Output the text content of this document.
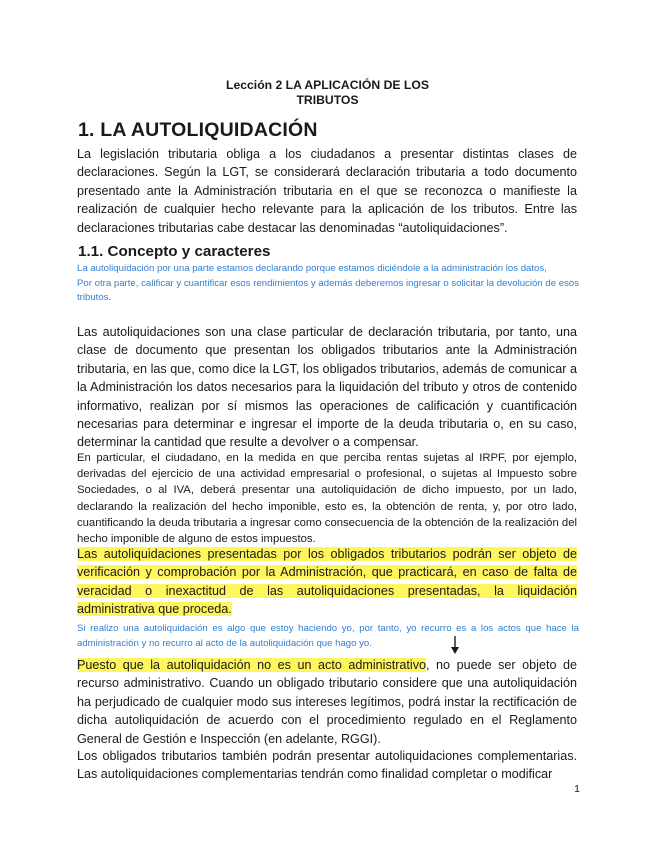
Lección 2 LA APLICACIÓN DE LOS
TRIBUTOS
1. LA AUTOLIQUIDACIÓN

La legislación tributaria obliga a los ciudadanos a presentar distintas clases de declaraciones. Según la LGT, se considerará declaración tributaria a todo documento presentado ante la Administración tributaria en el que se reconozca o manifieste la realización de cualquier hecho relevante para la aplicación de los tributos. Entre las declaraciones tributarias cabe destacar las denominadas “autoliquidaciones”.

1.1. Concepto y caracteres
La autoliquidación por una parte estamos declarando porque estamos diciéndole a la administración los datos,
Por otra parte, calificar y cuantificar esos rendimientos y además deberemos ingresar o solicitar la devolución de esos tributos.

Las autoliquidaciones son una clase particular de declaración tributaria, por tanto, una clase de documento que presentan los obligados tributarios ante la Administración tributaria, en las que, como dice la LGT, los obligados tributarios, además de comunicar a la Administración los datos necesarios para la liquidación del tributo y otros de contenido informativo, realizan por sí mismos las operaciones de calificación y cuantificación necesarias para determinar e ingresar el importe de la deuda tributaria o, en su caso, determinar la cantidad que resulte a devolver o a compensar.

En particular, el ciudadano, en la medida en que perciba rentas sujetas al IRPF, por ejemplo, derivadas del ejercicio de una actividad empresarial o profesional, o sujetas al Impuesto sobre Sociedades, o al IVA, deberá presentar una autoliquidación de dicho impuesto, por un lado, declarando la realización del hecho imponible, esto es, la obtención de renta, y, por otro lado, cuantificando la deuda tributaria a ingresar como consecuencia de la obtención de la realización del hecho imponible de alguno de estos impuestos.

Las autoliquidaciones presentadas por los obligados tributarios podrán ser objeto de verificación y comprobación por la Administración, que practicará, en caso de falta de veracidad o inexactitud de las autoliquidaciones presentadas, la liquidación administrativa que proceda.

Si realizo una autoliquidación es algo que estoy haciendo yo, por tanto, yo recurro es a los actos que hace la administración y no recurro al acto de la autoliquidación que hago yo.

Puesto que la autoliquidación no es un acto administrativo, no puede ser objeto de recurso administrativo. Cuando un obligado tributario considere que una autoliquidación ha perjudicado de cualquier modo sus intereses legítimos, podrá instar la rectificación de dicha autoliquidación de acuerdo con el procedimiento regulado en el Reglamento General de Gestión e Inspección (en adelante, RGGI).

Los obligados tributarios también podrán presentar autoliquidaciones complementarias. Las autoliquidaciones complementarias tendrán como finalidad completar o modificar

1
